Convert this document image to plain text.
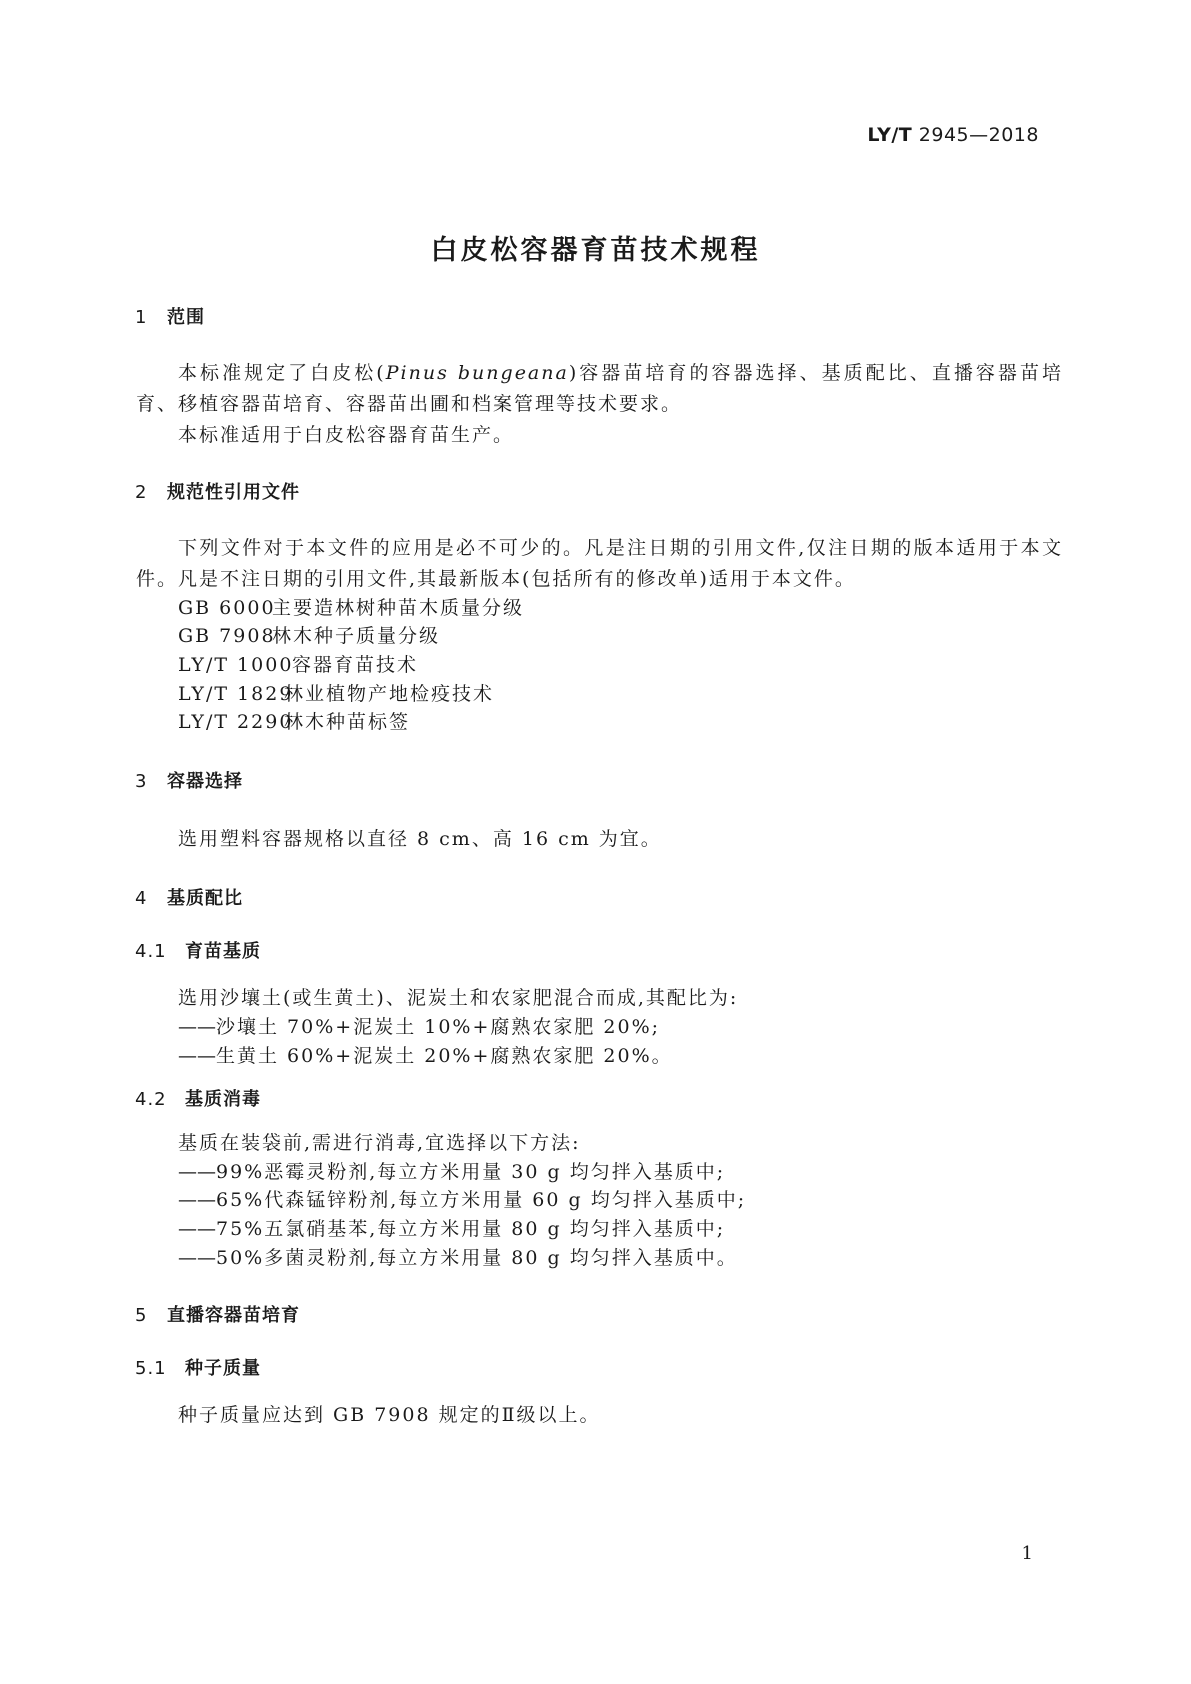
LY/T 2945—2018
白皮松容器育苗技术规程
1 范围
本标准规定了白皮松(Pinus bungeana)容器苗培育的容器选择、基质配比、直播容器苗培育、移植容器苗培育、容器苗出圃和档案管理等技术要求。
本标准适用于白皮松容器育苗生产。
2 规范性引用文件
下列文件对于本文件的应用是必不可少的。凡是注日期的引用文件,仅注日期的版本适用于本文件。凡是不注日期的引用文件,其最新版本(包括所有的修改单)适用于本文件。
GB 6000主要造林树种苗木质量分级
GB 7908林木种子质量分级
LY/T 1000容器育苗技术
LY/T 1829林业植物产地检疫技术
LY/T 2290林木种苗标签
3 容器选择
选用塑料容器规格以直径 8 cm、高 16 cm 为宜。
4 基质配比
4.1 育苗基质
选用沙壤土(或生黄土)、泥炭土和农家肥混合而成,其配比为:
——沙壤土 70%+泥炭土 10%+腐熟农家肥 20%;
——生黄土 60%+泥炭土 20%+腐熟农家肥 20%。
4.2 基质消毒
基质在装袋前,需进行消毒,宜选择以下方法:
——99%恶霉灵粉剂,每立方米用量 30 g 均匀拌入基质中;
——65%代森锰锌粉剂,每立方米用量 60 g 均匀拌入基质中;
——75%五氯硝基苯,每立方米用量 80 g 均匀拌入基质中;
——50%多菌灵粉剂,每立方米用量 80 g 均匀拌入基质中。
5 直播容器苗培育
5.1 种子质量
种子质量应达到 GB 7908 规定的Ⅱ级以上。
1
